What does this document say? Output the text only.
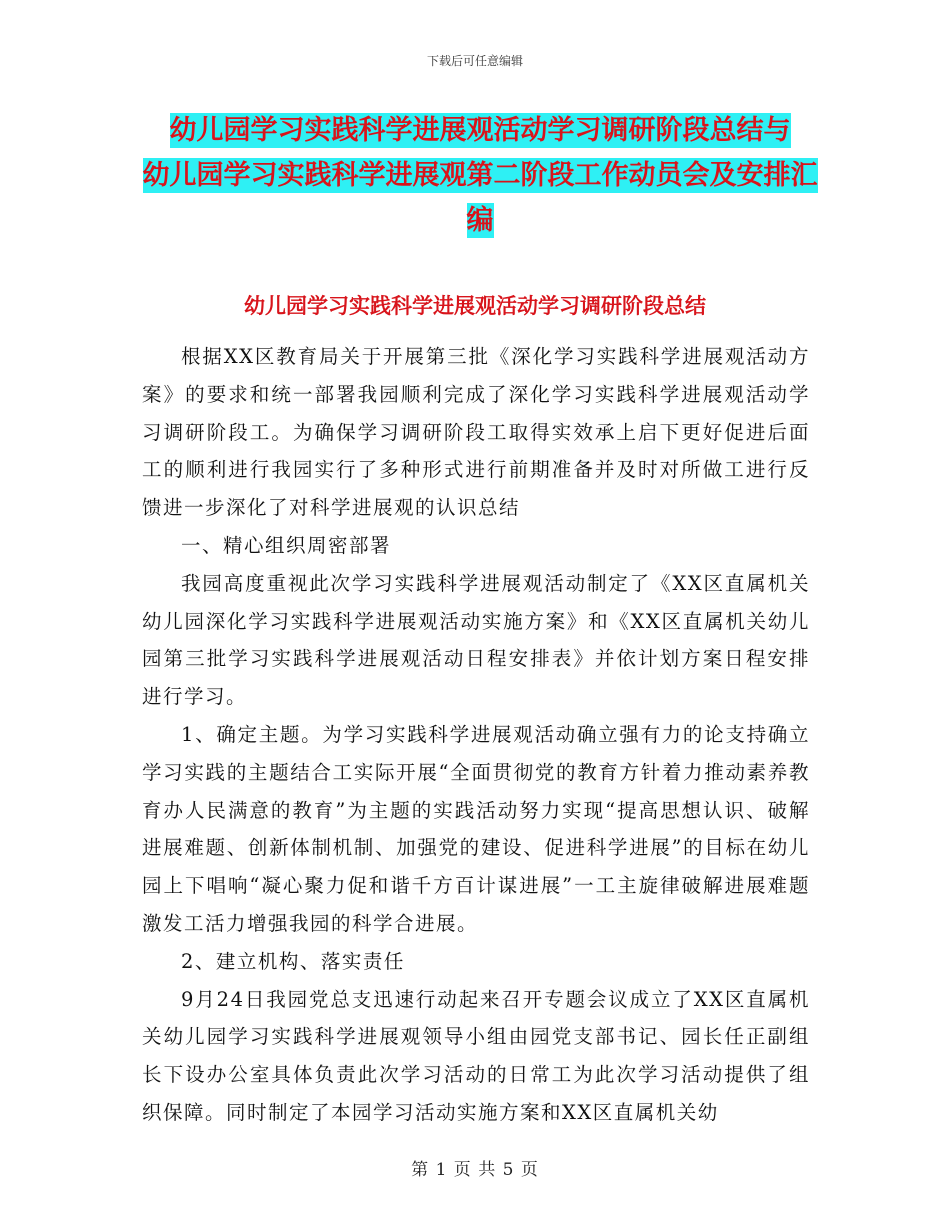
下载后可任意编辑
幼儿园学习实践科学进展观活动学习调研阶段总结与
幼儿园学习实践科学进展观第二阶段工作动员会及安排汇
编
幼儿园学习实践科学进展观活动学习调研阶段总结

根据XX区教育局关于开展第三批《深化学习实践科学进展观活动方案》的要求和统一部署我园顺利完成了深化学习实践科学进展观活动学习调研阶段工。为确保学习调研阶段工取得实效承上启下更好促进后面工的顺利进行我园实行了多种形式进行前期准备并及时对所做工进行反馈进一步深化了对科学进展观的认识总结

一、精心组织周密部署

我园高度重视此次学习实践科学进展观活动制定了《XX区直属机关幼儿园深化学习实践科学进展观活动实施方案》和《XX区直属机关幼儿园第三批学习实践科学进展观活动日程安排表》并依计划方案日程安排进行学习。

1、确定主题。为学习实践科学进展观活动确立强有力的论支持确立学习实践的主题结合工实际开展“全面贯彻党的教育方针着力推动素养教育办人民满意的教育”为主题的实践活动努力实现“提高思想认识、破解进展难题、创新体制机制、加强党的建设、促进科学进展”的目标在幼儿园上下唱响“凝心聚力促和谐千方百计谋进展”一工主旋律破解进展难题激发工活力增强我园的科学合进展。

2、建立机构、落实责任

9月24日我园党总支迅速行动起来召开专题会议成立了XX区直属机关幼儿园学习实践科学进展观领导小组由园党支部书记、园长任正副组长下设办公室具体负责此次学习活动的日常工为此次学习活动提供了组织保障。同时制定了本园学习活动实施方案和XX区直属机关幼

第 1 页 共 5 页
